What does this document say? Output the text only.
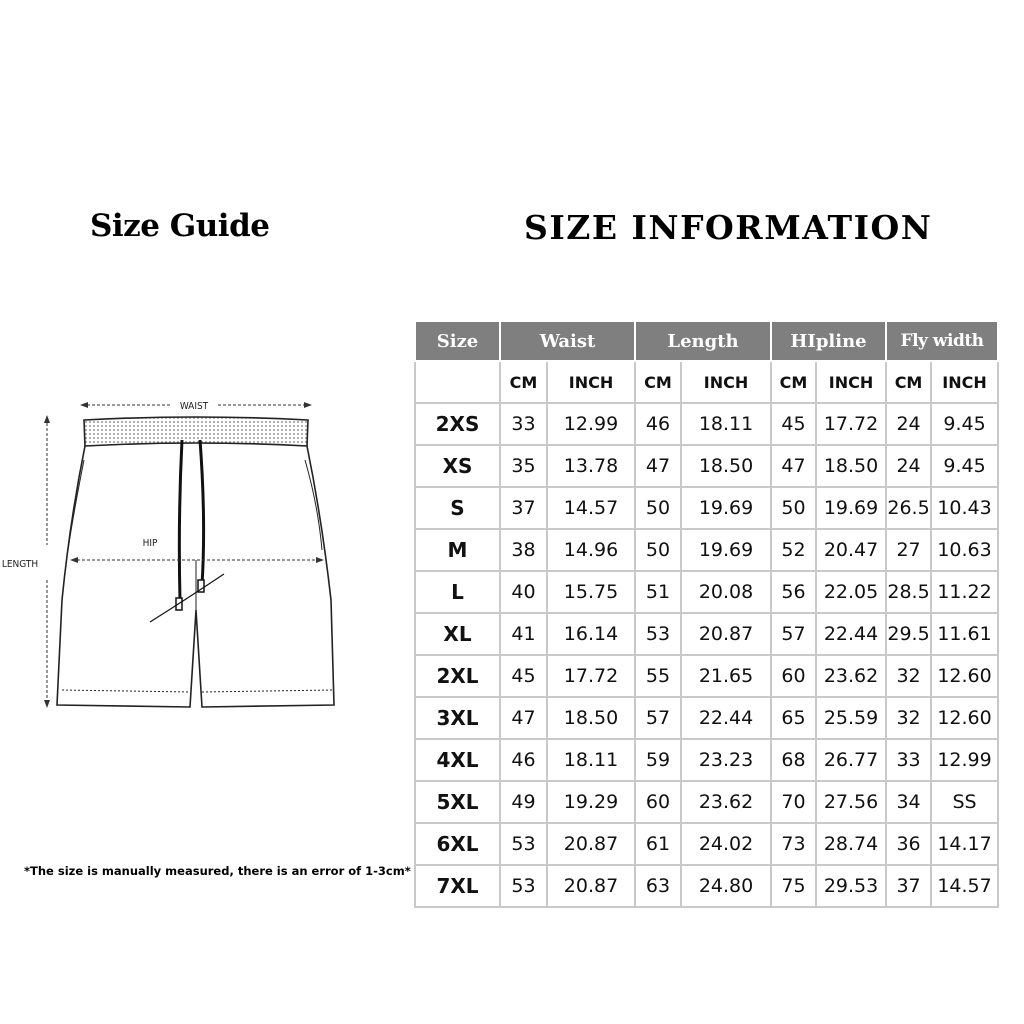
Size Guide	SIZE INFORMATION
WAIST
LENGTH
HIP
*The size is manually measured, there is an error of 1-3cm*
Size	Waist		Length		HIpline		Fly width	
	CM	INCH	CM	INCH	CM	INCH	CM	INCH
2XS	33	12.99	46	18.11	45	17.72	24	9.45
XS	35	13.78	47	18.50	47	18.50	24	9.45
S	37	14.57	50	19.69	50	19.69	26.5	10.43
M	38	14.96	50	19.69	52	20.47	27	10.63
L	40	15.75	51	20.08	56	22.05	28.5	11.22
XL	41	16.14	53	20.87	57	22.44	29.5	11.61
2XL	45	17.72	55	21.65	60	23.62	32	12.60
3XL	47	18.50	57	22.44	65	25.59	32	12.60
4XL	46	18.11	59	23.23	68	26.77	33	12.99
5XL	49	19.29	60	23.62	70	27.56	34	SS
6XL	53	20.87	61	24.02	73	28.74	36	14.17
7XL	53	20.87	63	24.80	75	29.53	37	14.57
